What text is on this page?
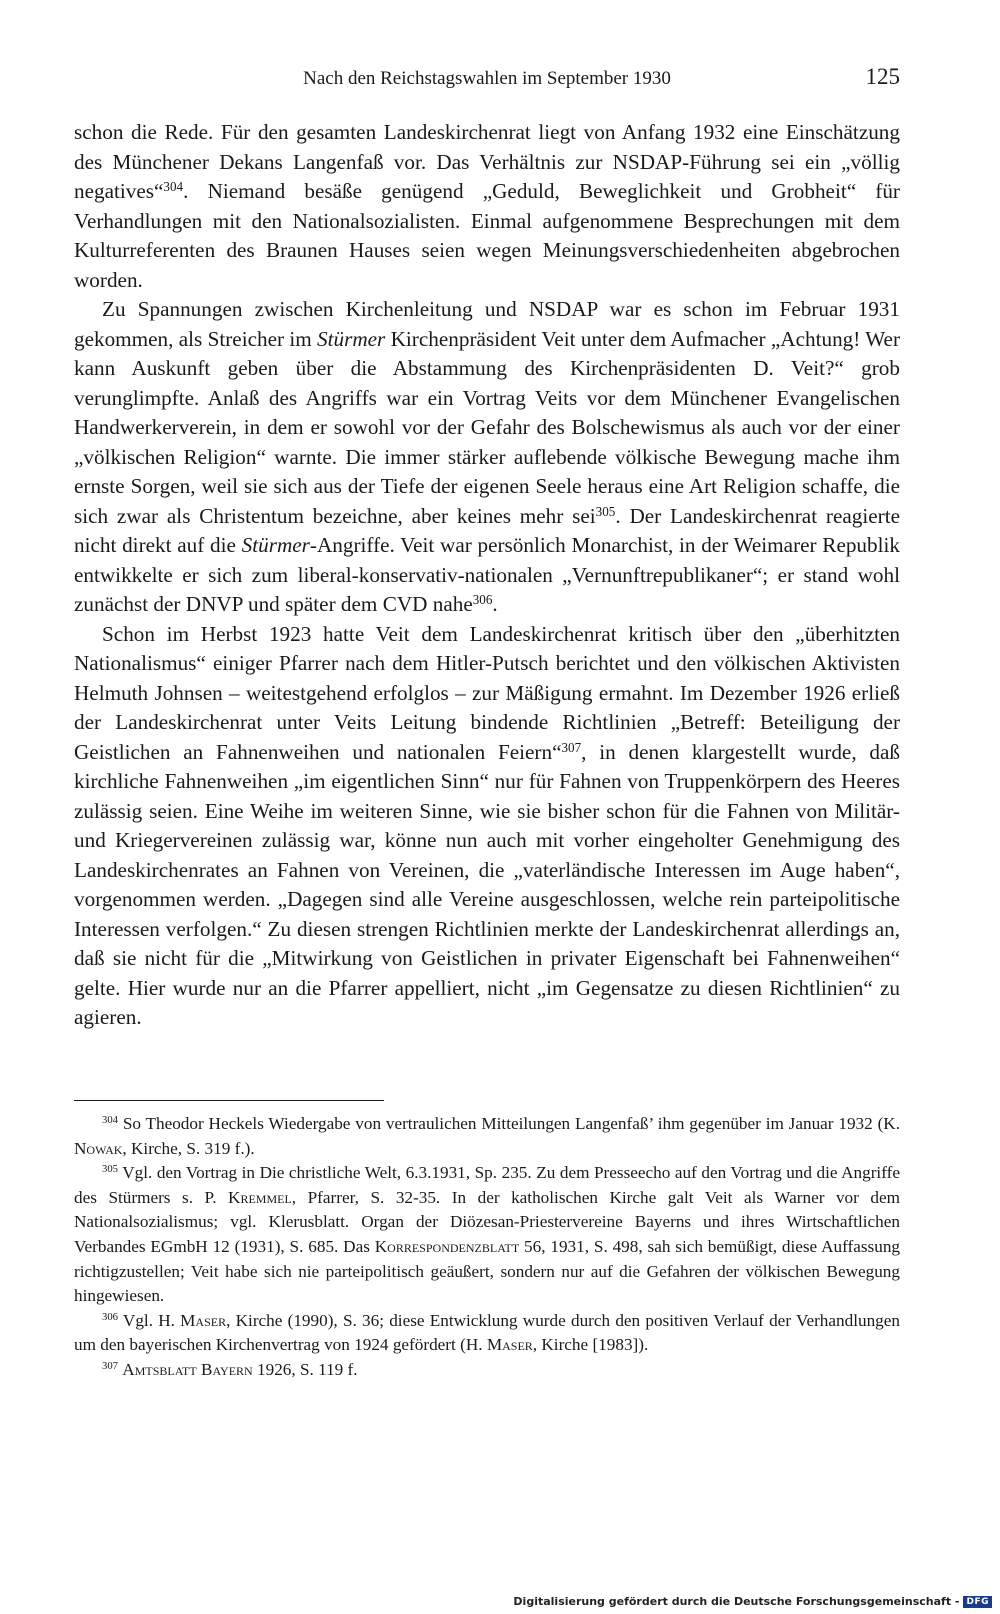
Nach den Reichstagswahlen im September 1930	125

schon die Rede. Für den gesamten Landeskirchenrat liegt von Anfang 1932 eine Einschätzung des Münchener Dekans Langenfaß vor. Das Verhältnis zur NSDAP-Führung sei ein „völlig negatives“$^{304}$. Niemand besäße genügend „Geduld, Beweglichkeit und Grobheit“ für Verhandlungen mit den Nationalsozialisten. Einmal aufgenommene Besprechungen mit dem Kulturreferenten des Braunen Hauses seien wegen Meinungsverschiedenheiten abgebrochen worden.

Zu Spannungen zwischen Kirchenleitung und NSDAP war es schon im Februar 1931 gekommen, als Streicher im Stürmer Kirchenpräsident Veit unter dem Aufmacher „Achtung! Wer kann Auskunft geben über die Abstammung des Kirchenpräsidenten D. Veit?“ grob verunglimpfte. Anlaß des Angriffs war ein Vortrag Veits vor dem Münchener Evangelischen Handwerkerverein, in dem er sowohl vor der Gefahr des Bolschewismus als auch vor der einer „völkischen Religion“ warnte. Die immer stärker auflebende völkische Bewegung mache ihm ernste Sorgen, weil sie sich aus der Tiefe der eigenen Seele heraus eine Art Religion schaffe, die sich zwar als Christentum bezeichne, aber keines mehr sei$^{305}$. Der Landeskirchenrat reagierte nicht direkt auf die Stürmer-Angriffe. Veit war persönlich Monarchist, in der Weimarer Republik entwikkelte er sich zum liberal-konservativ-nationalen „Vernunftrepublikaner“; er stand wohl zunächst der DNVP und später dem CVD nahe$^{306}$.

Schon im Herbst 1923 hatte Veit dem Landeskirchenrat kritisch über den „überhitzten Nationalismus“ einiger Pfarrer nach dem Hitler-Putsch berichtet und den völkischen Aktivisten Helmuth Johnsen – weitestgehend erfolglos – zur Mäßigung ermahnt. Im Dezember 1926 erließ der Landeskirchenrat unter Veits Leitung bindende Richtlinien „Betreff: Beteiligung der Geistlichen an Fahnenweihen und nationalen Feiern“$^{307}$, in denen klargestellt wurde, daß kirchliche Fahnenweihen „im eigentlichen Sinn“ nur für Fahnen von Truppenkörpern des Heeres zulässig seien. Eine Weihe im weiteren Sinne, wie sie bisher schon für die Fahnen von Militär- und Kriegervereinen zulässig war, könne nun auch mit vorher eingeholter Genehmigung des Landeskirchenrates an Fahnen von Vereinen, die „vaterländische Interessen im Auge haben“, vorgenommen werden. „Dagegen sind alle Vereine ausgeschlossen, welche rein parteipolitische Interessen verfolgen.“ Zu diesen strengen Richtlinien merkte der Landeskirchenrat allerdings an, daß sie nicht für die „Mitwirkung von Geistlichen in privater Eigenschaft bei Fahnenweihen“ gelte. Hier wurde nur an die Pfarrer appelliert, nicht „im Gegensatze zu diesen Richtlinien“ zu agieren.

$^{304}$ So Theodor Heckels Wiedergabe von vertraulichen Mitteilungen Langenfaß’ ihm gegenüber im Januar 1932 (K. Nowak, Kirche, S. 319 f.).

$^{305}$ Vgl. den Vortrag in Die christliche Welt, 6.3.1931, Sp. 235. Zu dem Presseecho auf den Vortrag und die Angriffe des Stürmers s. P. Kremmel, Pfarrer, S. 32-35. In der katholischen Kirche galt Veit als Warner vor dem Nationalsozialismus; vgl. Klerusblatt. Organ der Diözesan-Priestervereine Bayerns und ihres Wirtschaftlichen Verbandes EGmbH 12 (1931), S. 685. Das Korrespondenzblatt 56, 1931, S. 498, sah sich bemüßigt, diese Auffassung richtigzustellen; Veit habe sich nie parteipolitisch geäußert, sondern nur auf die Gefahren der völkischen Bewegung hingewiesen.

$^{306}$ Vgl. H. Maser, Kirche (1990), S. 36; diese Entwicklung wurde durch den positiven Verlauf der Verhandlungen um den bayerischen Kirchenvertrag von 1924 gefördert (H. Maser, Kirche [1983]).

$^{307}$ Amtsblatt Bayern 1926, S. 119 f.

Digitalisierung gefördert durch die Deutsche Forschungsgemeinschaft - DFG
